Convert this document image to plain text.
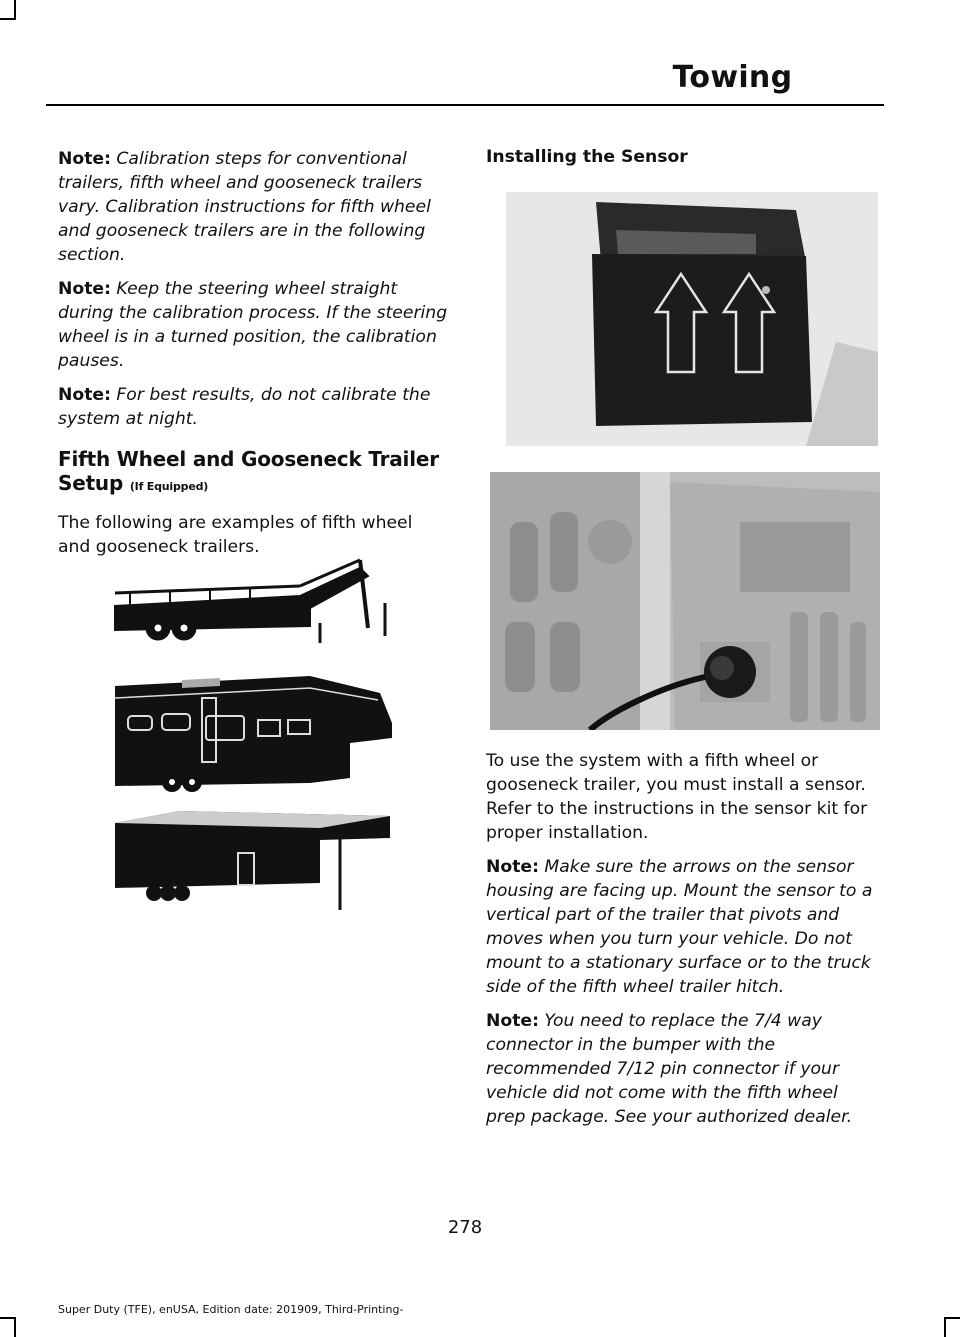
Towing

Note: Calibration steps for conventional trailers, fifth wheel and gooseneck trailers vary. Calibration instructions for fifth wheel and gooseneck trailers are in the following section.

Note: Keep the steering wheel straight during the calibration process. If the steering wheel is in a turned position, the calibration pauses.

Note: For best results, do not calibrate the system at night.

Fifth Wheel and Gooseneck Trailer Setup (If Equipped)

The following are examples of fifth wheel and gooseneck trailers.

Installing the Sensor

To use the system with a fifth wheel or gooseneck trailer, you must install a sensor. Refer to the instructions in the sensor kit for proper installation.

Note: Make sure the arrows on the sensor housing are facing up. Mount the sensor to a vertical part of the trailer that pivots and moves when you turn your vehicle. Do not mount to a stationary surface or to the truck side of the fifth wheel trailer hitch.

Note: You need to replace the 7/4 way connector in the bumper with the recommended 7/12 pin connector if your vehicle did not come with the fifth wheel prep package. See your authorized dealer.

278
Super Duty (TFE), enUSA, Edition date: 201909, Third-Printing-
